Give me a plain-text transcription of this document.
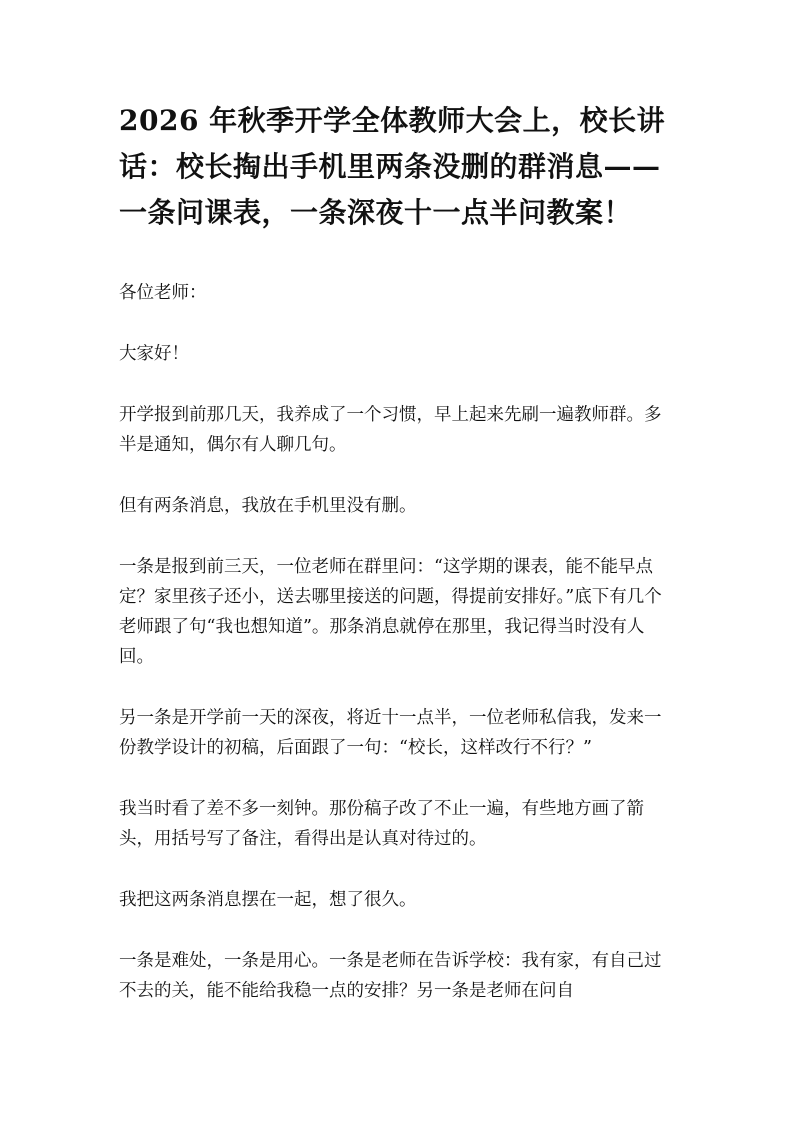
2026 年秋季开学全体教师大会上，校长讲话：校长掏出手机里两条没删的群消息——一条问课表，一条深夜十一点半问教案！

各位老师：

大家好！

开学报到前那几天，我养成了一个习惯，早上起来先刷一遍教师群。多半是通知，偶尔有人聊几句。

但有两条消息，我放在手机里没有删。

一条是报到前三天，一位老师在群里问：“这学期的课表，能不能早点定？家里孩子还小，送去哪里接送的问题，得提前安排好。”底下有几个老师跟了句“我也想知道”。那条消息就停在那里，我记得当时没有人回。

另一条是开学前一天的深夜，将近十一点半，一位老师私信我，发来一份教学设计的初稿，后面跟了一句：“校长，这样改行不行？”

我当时看了差不多一刻钟。那份稿子改了不止一遍，有些地方画了箭头，用括号写了备注，看得出是认真对待过的。

我把这两条消息摆在一起，想了很久。

一条是难处，一条是用心。一条是老师在告诉学校：我有家，有自己过不去的关，能不能给我稳一点的安排？另一条是老师在问自
